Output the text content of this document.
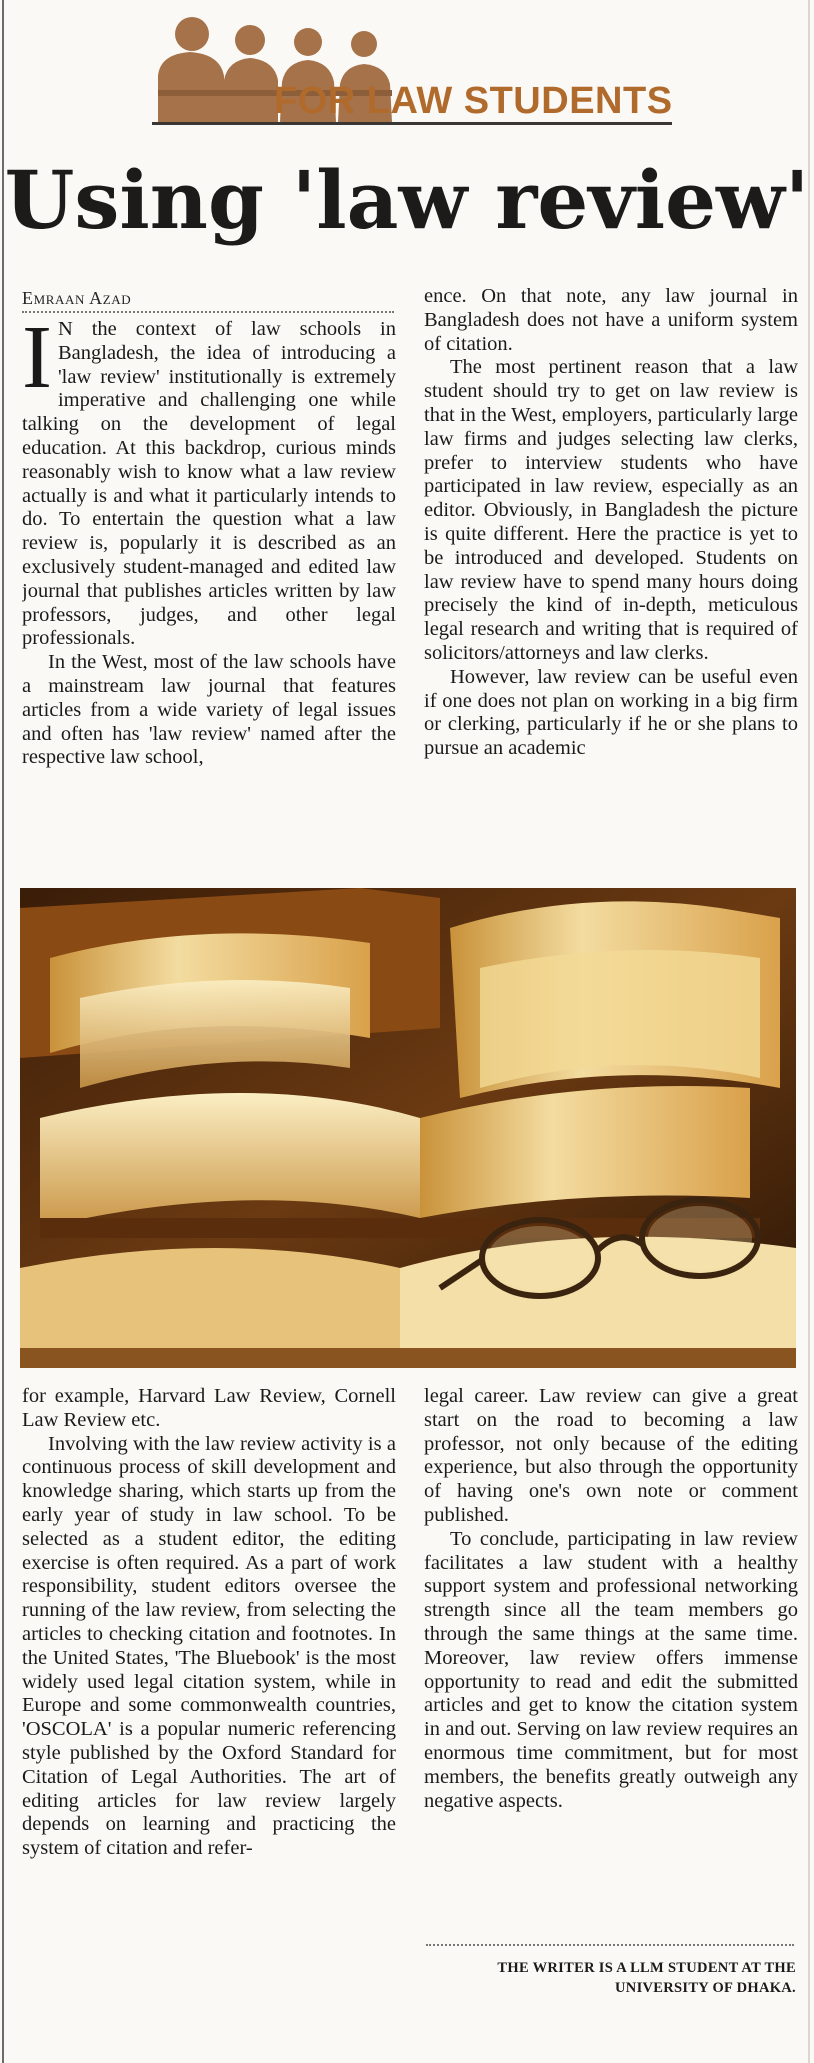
FOR LAW STUDENTS
Using 'law review'
Emraan Azad

I N the context of law schools in Bangladesh, the idea of introducing a 'law review' institutionally is extremely imperative and challenging one while talking on the development of legal education. At this backdrop, curious minds reasonably wish to know what a law review actually is and what it particularly intends to do. To entertain the question what a law review is, popularly it is described as an exclusively student-managed and edited law journal that publishes articles written by law professors, judges, and other legal professionals.

In the West, most of the law schools have a mainstream law journal that features articles from a wide variety of legal issues and often has 'law review' named after the respective law school,

ence. On that note, any law journal in Bangladesh does not have a uniform system of citation.

The most pertinent reason that a law student should try to get on law review is that in the West, employers, particularly large law firms and judges selecting law clerks, prefer to interview students who have participated in law review, especially as an editor. Obviously, in Bangladesh the picture is quite different. Here the practice is yet to be introduced and developed. Students on law review have to spend many hours doing precisely the kind of in-depth, meticulous legal research and writing that is required of solicitors/attorneys and law clerks.

However, law review can be useful even if one does not plan on working in a big firm or clerking, particularly if he or she plans to pursue an academic

for example, Harvard Law Review, Cornell Law Review etc.

Involving with the law review activity is a continuous process of skill development and knowledge sharing, which starts up from the early year of study in law school. To be selected as a student editor, the editing exercise is often required. As a part of work responsibility, student editors oversee the running of the law review, from selecting the articles to checking citation and footnotes. In the United States, 'The Bluebook' is the most widely used legal citation system, while in Europe and some commonwealth countries, 'OSCOLA' is a popular numeric referencing style published by the Oxford Standard for Citation of Legal Authorities. The art of editing articles for law review largely depends on learning and practicing the system of citation and refer-

legal career. Law review can give a great start on the road to becoming a law professor, not only because of the editing experience, but also through the opportunity of having one's own note or comment published.

To conclude, participating in law review facilitates a law student with a healthy support system and professional networking strength since all the team members go through the same things at the same time. Moreover, law review offers immense opportunity to read and edit the submitted articles and get to know the citation system in and out. Serving on law review requires an enormous time commitment, but for most members, the benefits greatly outweigh any negative aspects.

THE WRITER IS A LLM STUDENT AT THE
UNIVERSITY OF DHAKA.
